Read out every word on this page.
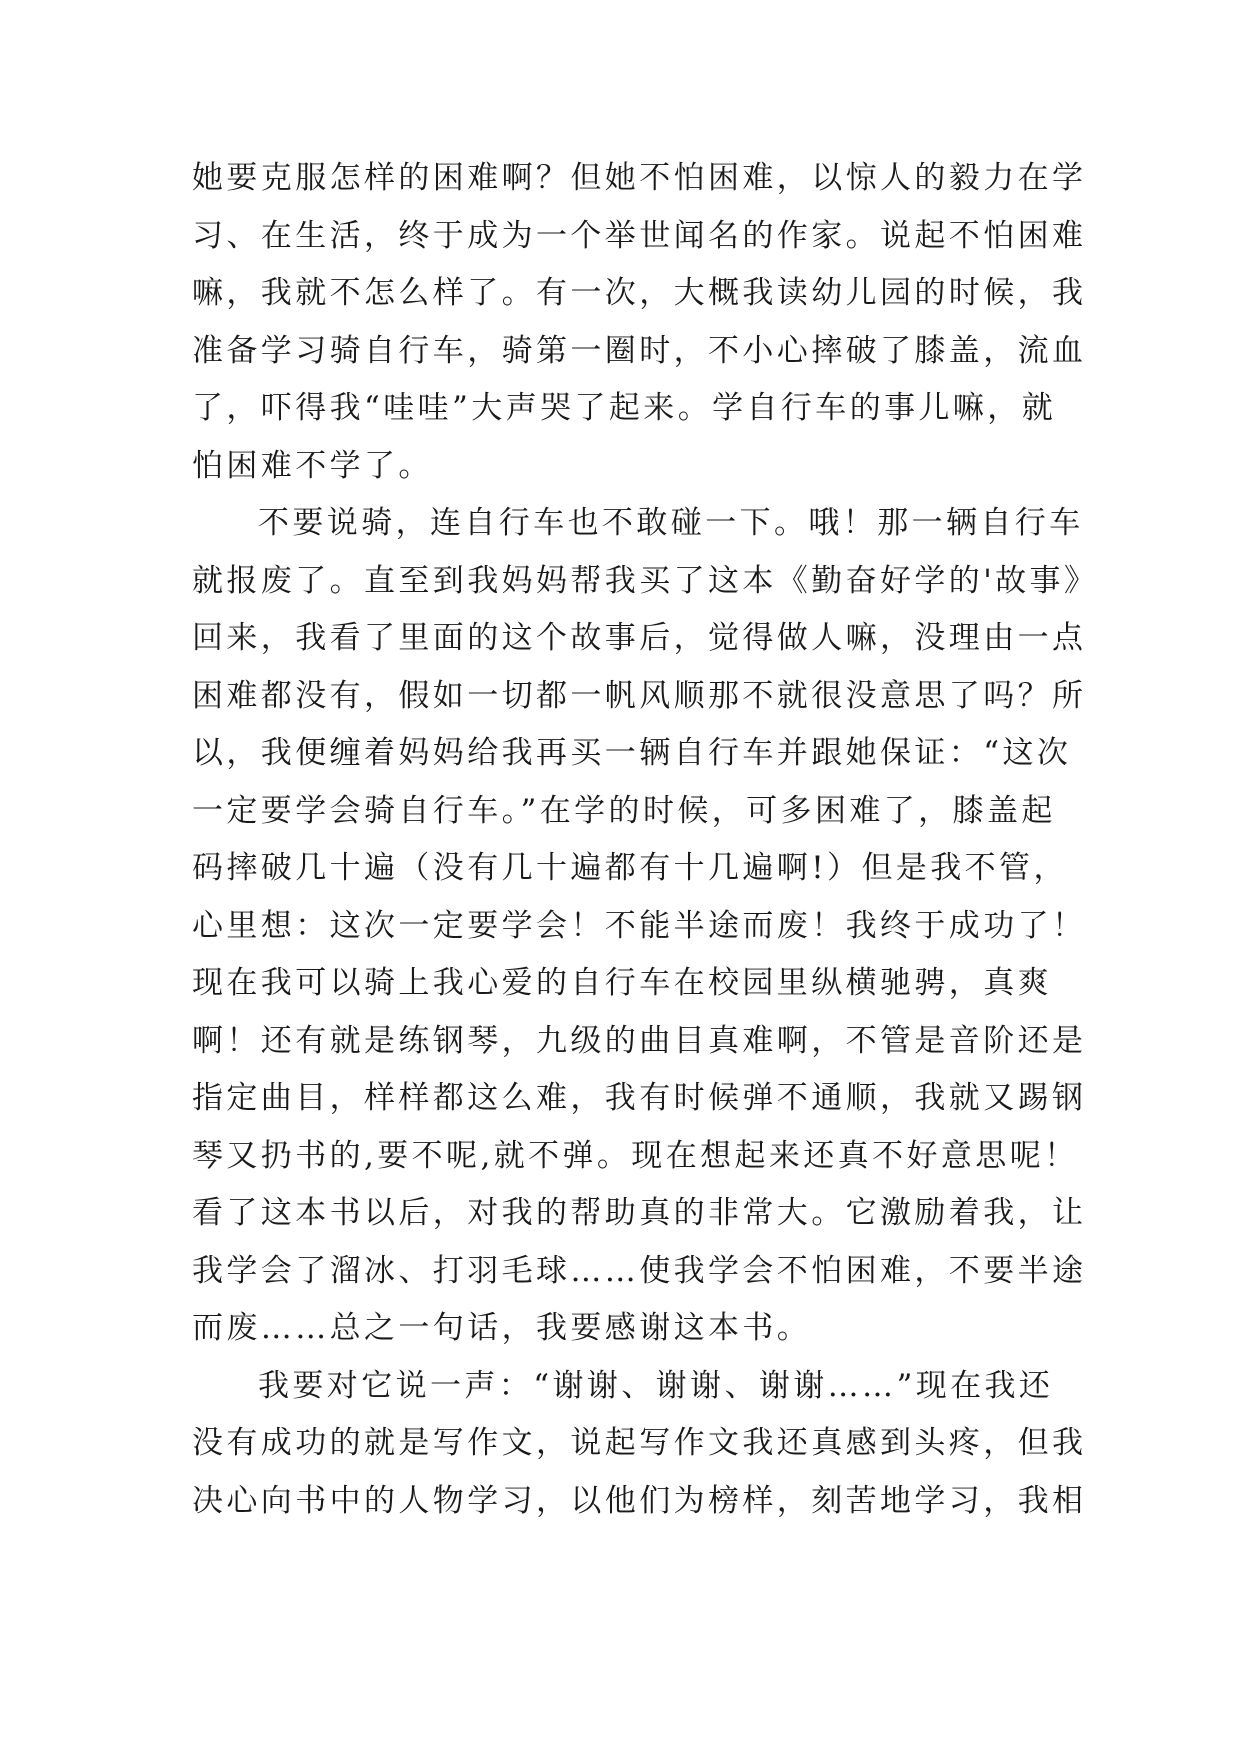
她要克服怎样的困难啊？但她不怕困难，以惊人的毅力在学
习、在生活，终于成为一个举世闻名的作家。说起不怕困难
嘛，我就不怎么样了。有一次，大概我读幼儿园的时候，我
准备学习骑自行车，骑第一圈时，不小心摔破了膝盖，流血
了，吓得我“哇哇”大声哭了起来。学自行车的事儿嘛，就
怕困难不学了。
不要说骑，连自行车也不敢碰一下。哦！那一辆自行车
就报废了。直至到我妈妈帮我买了这本《勤奋好学的'故事》
回来，我看了里面的这个故事后，觉得做人嘛，没理由一点
困难都没有，假如一切都一帆风顺那不就很没意思了吗？所
以，我便缠着妈妈给我再买一辆自行车并跟她保证：“这次
一定要学会骑自行车。”在学的时候，可多困难了，膝盖起
码摔破几十遍（没有几十遍都有十几遍啊!）但是我不管，
心里想：这次一定要学会！不能半途而废！我终于成功了！
现在我可以骑上我心爱的自行车在校园里纵横驰骋，真爽
啊！还有就是练钢琴，九级的曲目真难啊，不管是音阶还是
指定曲目，样样都这么难，我有时候弹不通顺，我就又踢钢
琴又扔书的,要不呢,就不弹。现在想起来还真不好意思呢！
看了这本书以后，对我的帮助真的非常大。它激励着我，让
我学会了溜冰、打羽毛球……使我学会不怕困难，不要半途
而废……总之一句话，我要感谢这本书。
我要对它说一声：“谢谢、谢谢、谢谢……”现在我还
没有成功的就是写作文，说起写作文我还真感到头疼，但我
决心向书中的人物学习，以他们为榜样，刻苦地学习，我相
